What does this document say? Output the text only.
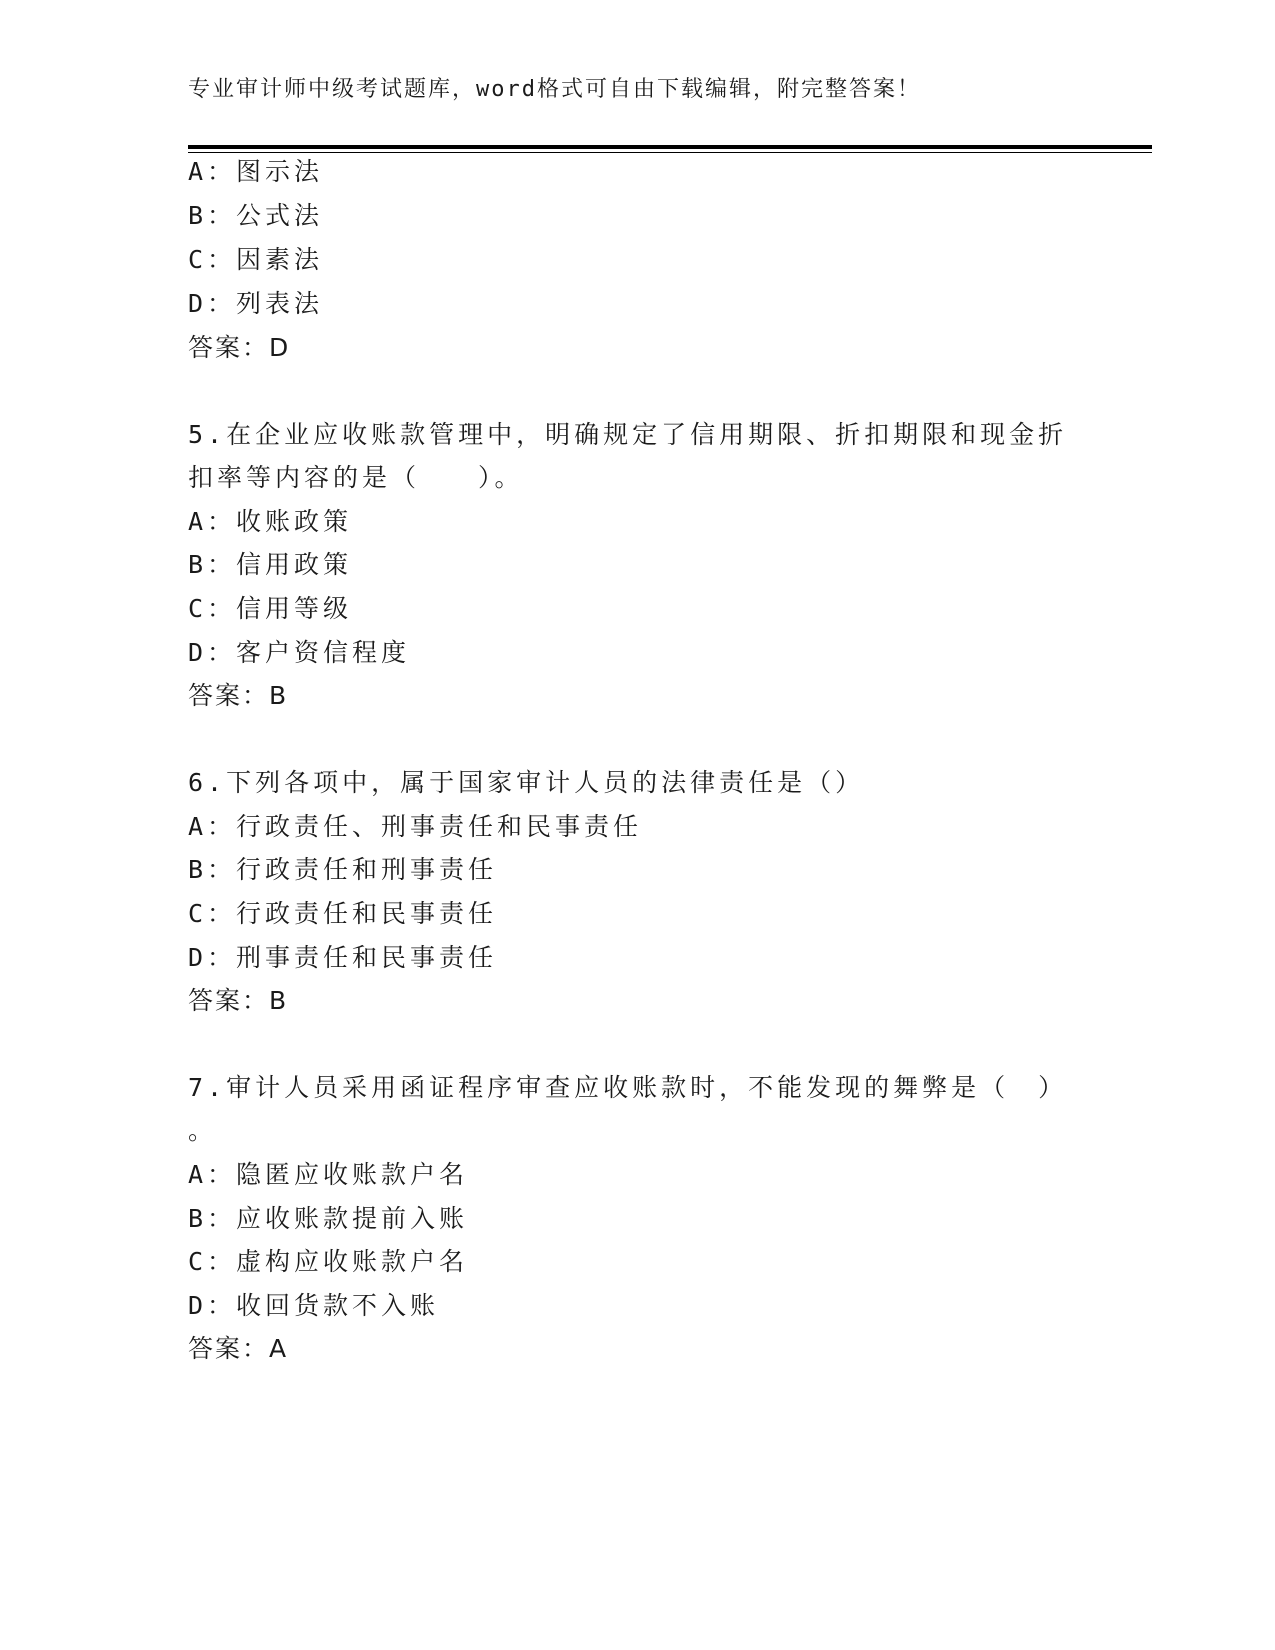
专业审计师中级考试题库，word格式可自由下载编辑，附完整答案！
A：图示法
B：公式法
C：因素法
D：列表法
答案：D
5.在企业应收账款管理中，明确规定了信用期限、折扣期限和现金折
扣率等内容的是（　　）。
A：收账政策
B：信用政策
C：信用等级
D：客户资信程度
答案：B
6.下列各项中，属于国家审计人员的法律责任是（）
A：行政责任、刑事责任和民事责任
B：行政责任和刑事责任
C：行政责任和民事责任
D：刑事责任和民事责任
答案：B
7.审计人员采用函证程序审查应收账款时，不能发现的舞弊是（　）
。
A：隐匿应收账款户名
B：应收账款提前入账
C：虚构应收账款户名
D：收回货款不入账
答案：A
